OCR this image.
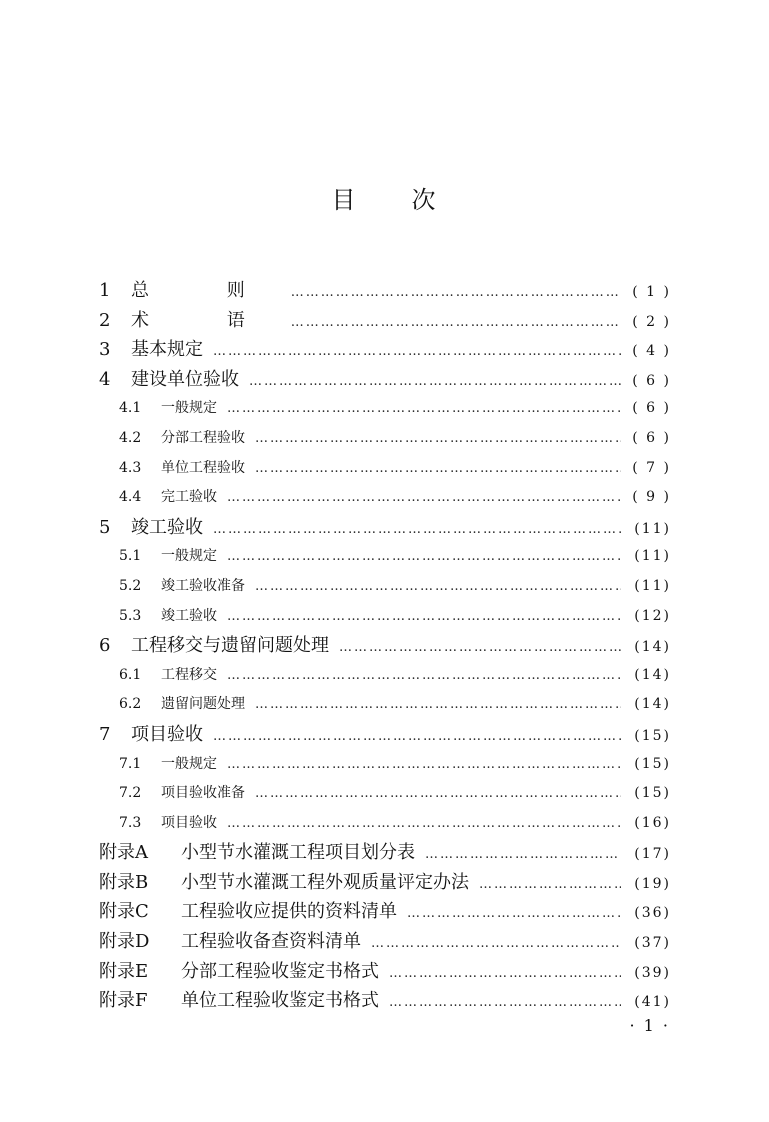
目 次
1	总 则 ……………………………………………………………………………………………………………………………………………………	( 1 )
2	术 语 ……………………………………………………………………………………………………………………………………………………	( 2 )
3	基本规定 ……………………………………………………………………………………………………………………………………………………	( 4 )
4	建设单位验收 ……………………………………………………………………………………………………………………………………………………	( 6 )
4.1	一般规定 ……………………………………………………………………………………………………………………………………………………	( 6 )
4.2	分部工程验收 ……………………………………………………………………………………………………………………………………………………	( 6 )
4.3	单位工程验收 ……………………………………………………………………………………………………………………………………………………	( 7 )
4.4	完工验收 ……………………………………………………………………………………………………………………………………………………	( 9 )
5	竣工验收 ……………………………………………………………………………………………………………………………………………………	(11)
5.1	一般规定 ……………………………………………………………………………………………………………………………………………………	(11)
5.2	竣工验收准备 ……………………………………………………………………………………………………………………………………………………	(11)
5.3	竣工验收 ……………………………………………………………………………………………………………………………………………………	(12)
6	工程移交与遗留问题处理 ……………………………………………………………………………………………………………………………………………………	(14)
6.1	工程移交 ……………………………………………………………………………………………………………………………………………………	(14)
6.2	遗留问题处理 ……………………………………………………………………………………………………………………………………………………	(14)
7	项目验收 ……………………………………………………………………………………………………………………………………………………	(15)
7.1	一般规定 ……………………………………………………………………………………………………………………………………………………	(15)
7.2	项目验收准备 ……………………………………………………………………………………………………………………………………………………	(15)
7.3	项目验收 ……………………………………………………………………………………………………………………………………………………	(16)
附录A	小型节水灌溉工程项目划分表 ……………………………………………………………………………………………………………………………………………………	(17)
附录B	小型节水灌溉工程外观质量评定办法 ……………………………………………………………………………………………………………………………………………………	(19)
附录C	工程验收应提供的资料清单 ……………………………………………………………………………………………………………………………………………………	(36)
附录D	工程验收备查资料清单 ……………………………………………………………………………………………………………………………………………………	(37)
附录E	分部工程验收鉴定书格式 ……………………………………………………………………………………………………………………………………………………	(39)
附录F	单位工程验收鉴定书格式 ……………………………………………………………………………………………………………………………………………………	(41)
· 1 ·
